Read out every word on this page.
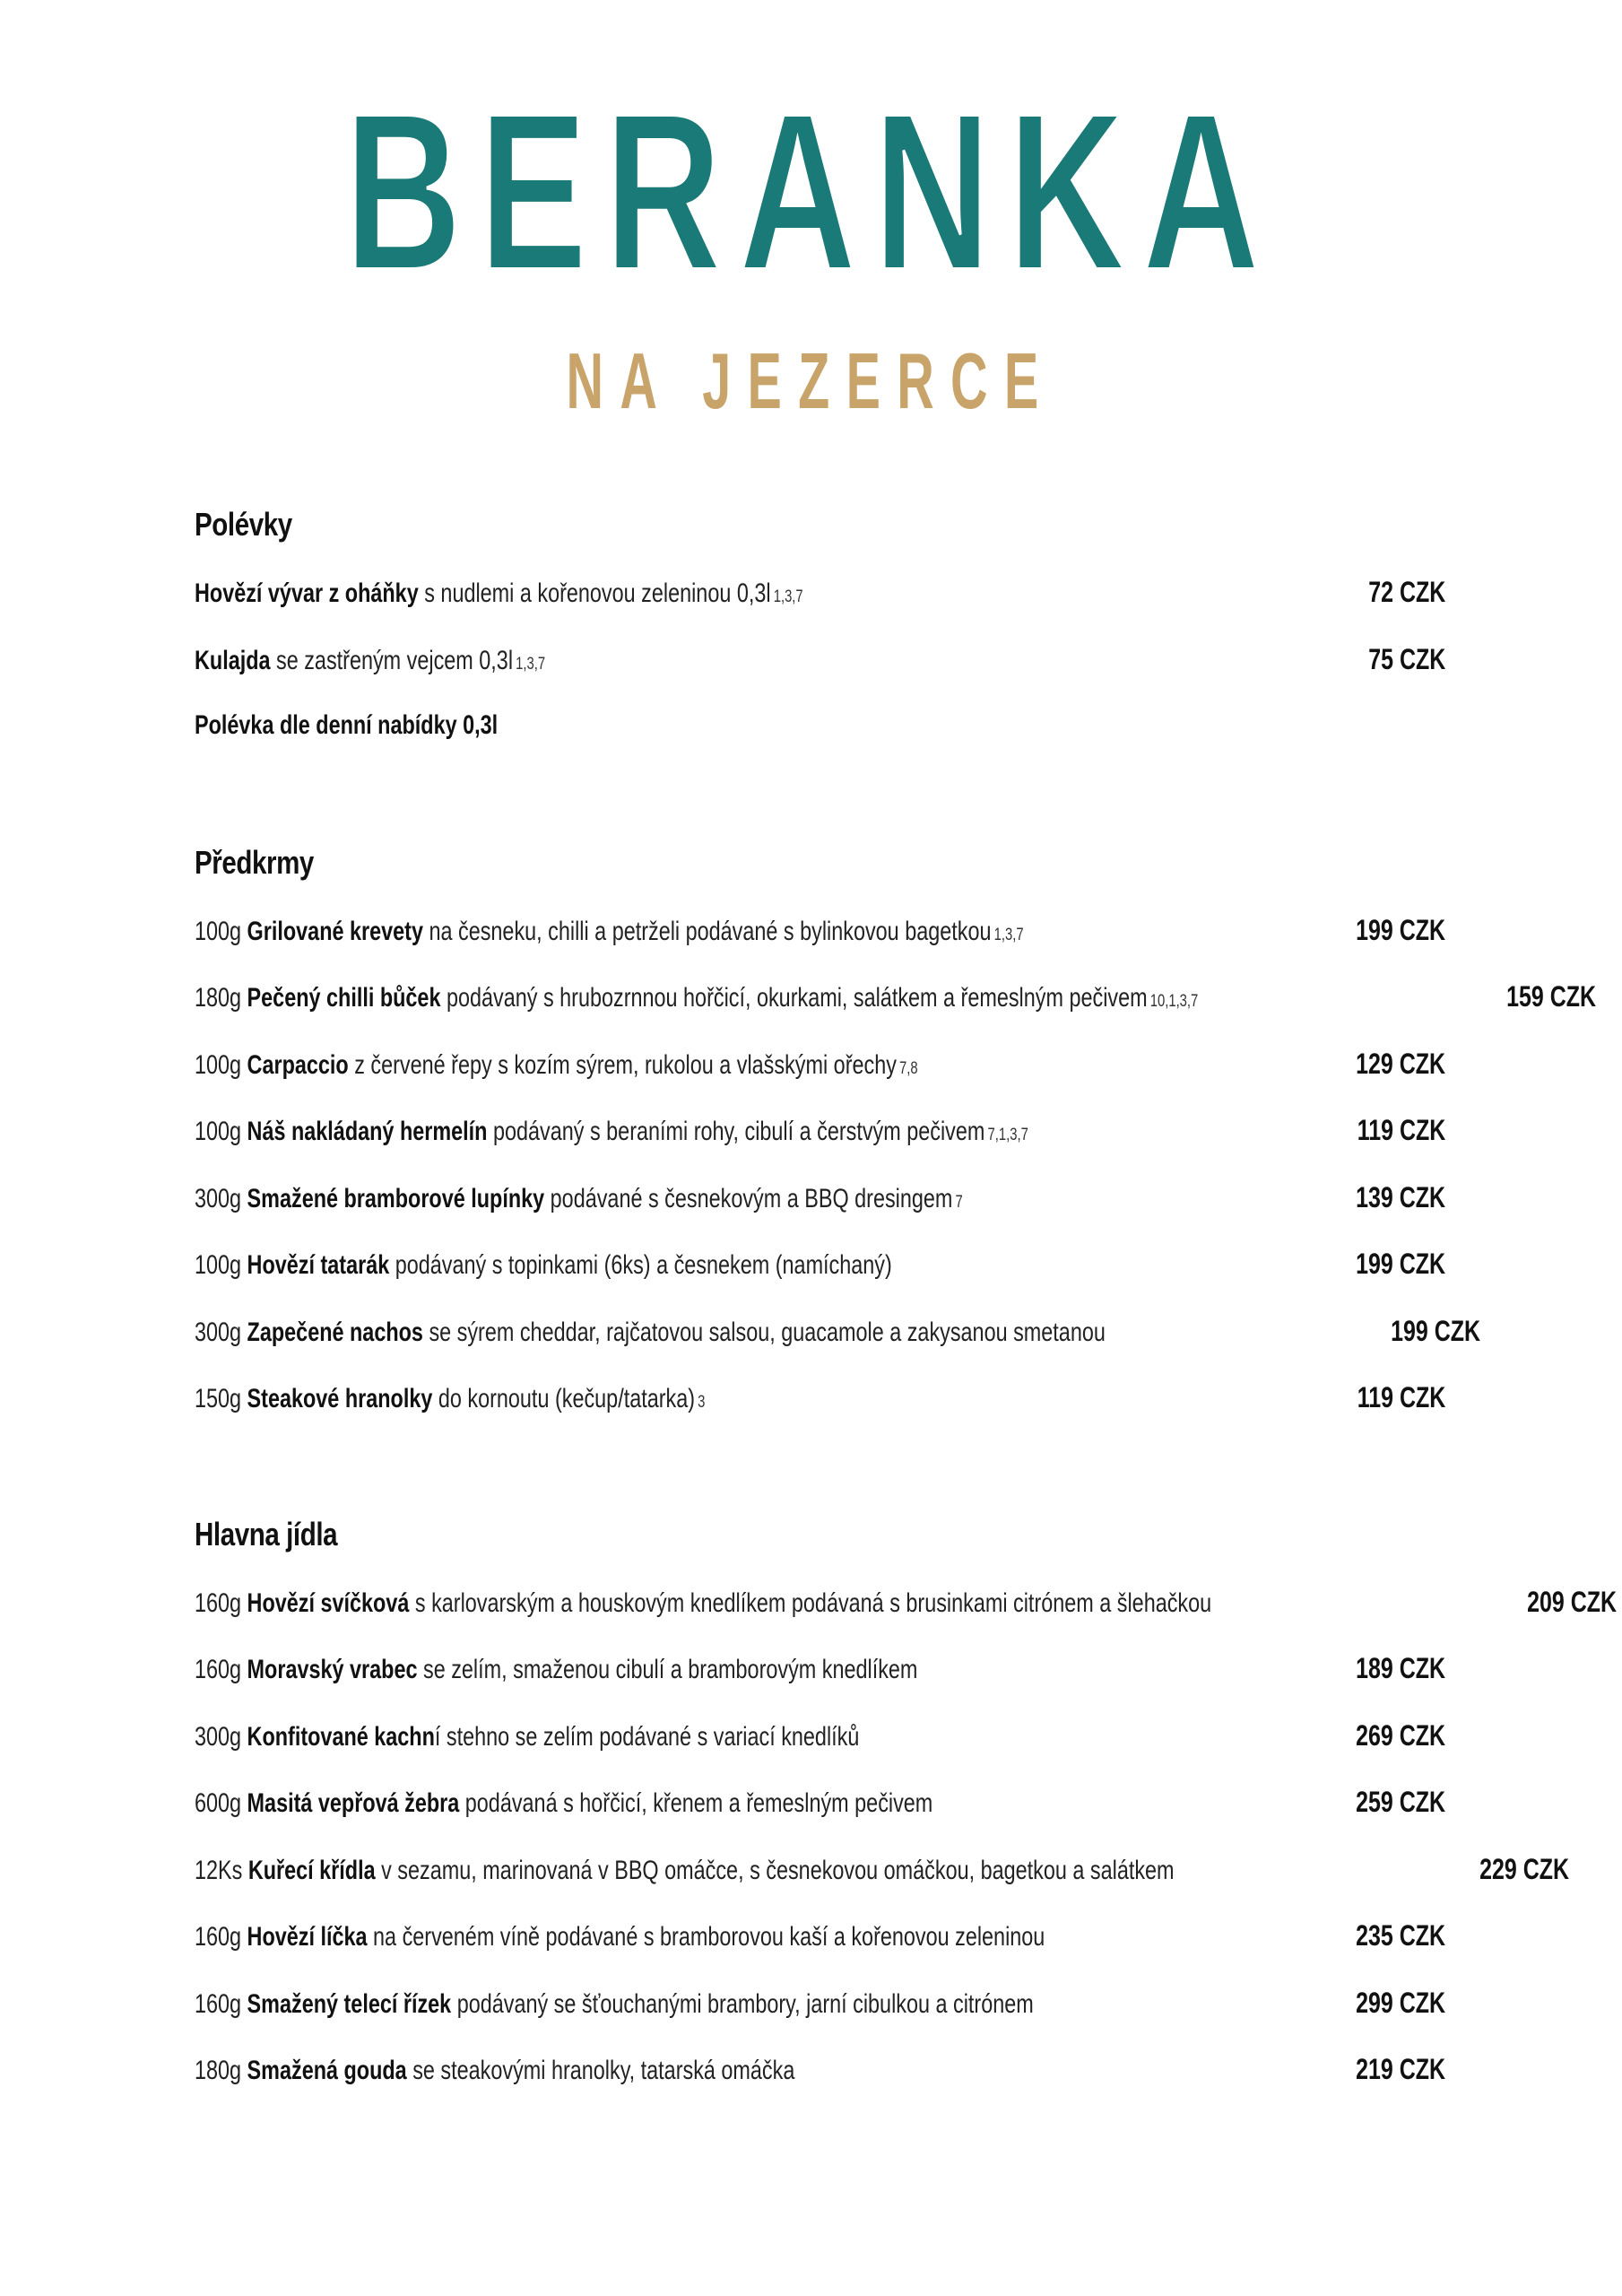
BERANKA
NA JEZERCE
Polévky
Hovězí vývar z oháňky s nudlemi a kořenovou zeleninou 0,3l 1,3,7	72 CZK
Kulajda se zastřeným vejcem 0,3l 1,3,7	75 CZK
Polévka dle denní nabídky 0,3l
Předkrmy
100g Grilované krevety na česneku, chilli a petrželi podávané s bylinkovou bagetkou 1,3,7	199 CZK
180g Pečený chilli bůček podávaný s hrubozrnnou hořčicí, okurkami, salátkem a řemeslným pečivem 10,1,3,7	159 CZK
100g Carpaccio z červené řepy s kozím sýrem, rukolou a vlašskými ořechy 7,8	129 CZK
100g Náš nakládaný hermelín podávaný s beraními rohy, cibulí a čerstvým pečivem 7,1,3,7	119 CZK
300g Smažené bramborové lupínky podávané s česnekovým a BBQ dresingem 7	139 CZK
100g Hovězí tatarák podávaný s topinkami (6ks) a česnekem (namíchaný)	199 CZK
300g Zapečené nachos se sýrem cheddar, rajčatovou salsou, guacamole a zakysanou smetanou	199 CZK
150g Steakové hranolky do kornoutu (kečup/tatarka) 3	119 CZK
Hlavna jídla
160g Hovězí svíčková s karlovarským a houskovým knedlíkem podávaná s brusinkami citrónem a šlehačkou	209 CZK
160g Moravský vrabec se zelím, smaženou cibulí a bramborovým knedlíkem	189 CZK
300g Konfitované kachní stehno se zelím podávané s variací knedlíků	269 CZK
600g Masitá vepřová žebra podávaná s hořčicí, křenem a řemeslným pečivem	259 CZK
12Ks Kuřecí křídla v sezamu, marinovaná v BBQ omáčce, s česnekovou omáčkou, bagetkou a salátkem	229 CZK
160g Hovězí líčka na červeném víně podávané s bramborovou kaší a kořenovou zeleninou	235 CZK
160g Smažený telecí řízek podávaný se šťouchanými brambory, jarní cibulkou a citrónem	299 CZK
180g Smažená gouda se steakovými hranolky, tatarská omáčka	219 CZK
